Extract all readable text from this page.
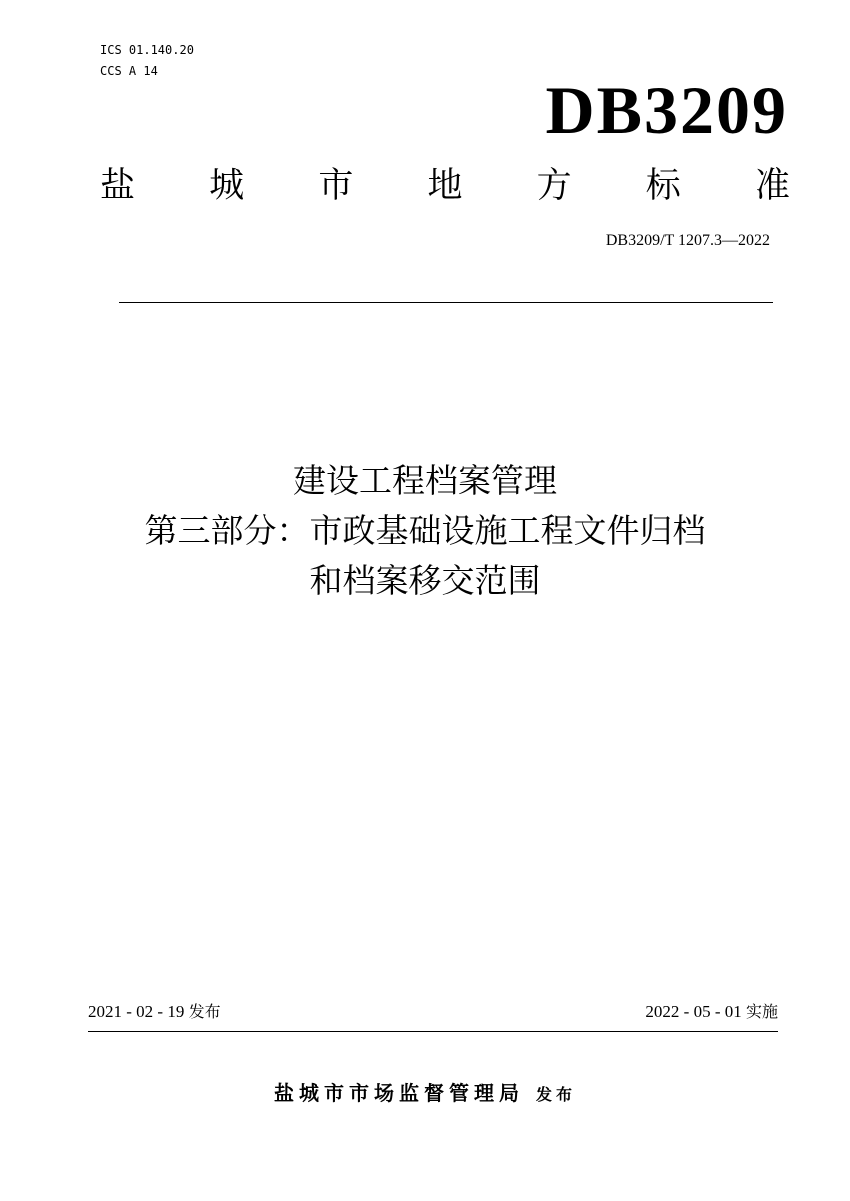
ICS 01.140.20
CCS A 14
DB3209
盐 城 市 地 方 标 准
DB3209/T 1207.3—2022
建设工程档案管理
第三部分：市政基础设施工程文件归档
和档案移交范围
2021 - 02 - 19 发布	2022 - 05 - 01 实施
盐城市市场监督管理局 发布
